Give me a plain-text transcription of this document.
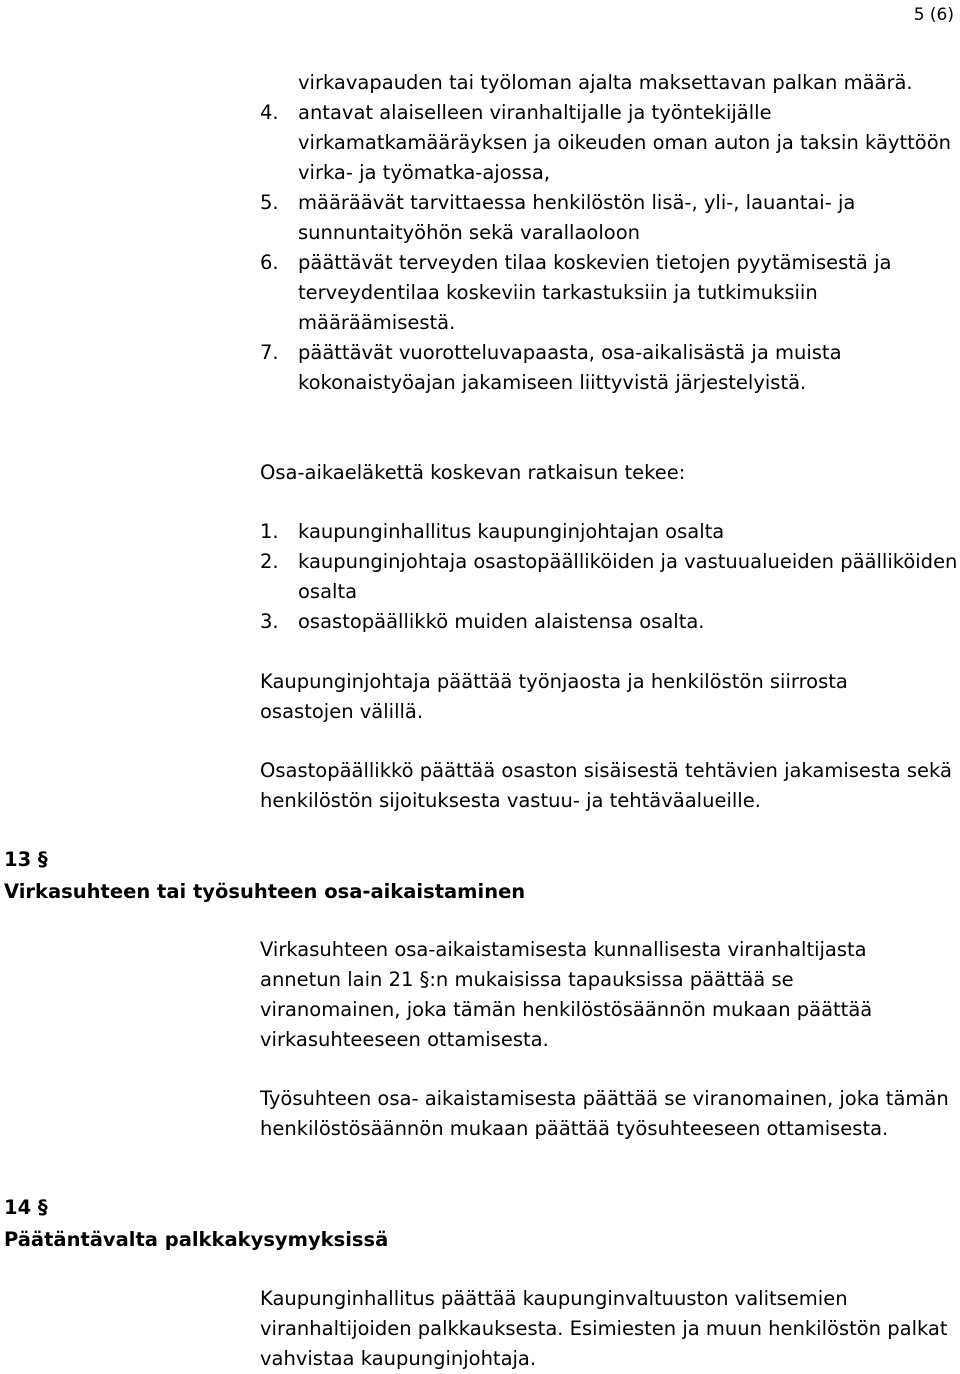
5 (6)
virkavapauden tai työloman ajalta maksettavan palkan määrä.
4. antavat alaiselleen viranhaltijalle ja työntekijälle virkamatkamääräyksen ja oikeuden oman auton ja taksin käyttöön virka- ja työmatka-ajossa,
5. määräävät tarvittaessa henkilöstön lisä-, yli-, lauantai- ja sunnuntaityöhön sekä varallaoloon
6. päättävät terveyden tilaa koskevien tietojen pyytämisestä ja terveydentilaa koskeviin tarkastuksiin ja tutkimuksiin määräämisestä.
7. päättävät vuorotteluvapaasta, osa-aikalisästä ja muista kokonaistyöajan jakamiseen liittyvistä järjestelyistä.
Osa-aikaeläkettä koskevan ratkaisun tekee:
1. kaupunginhallitus kaupunginjohtajan osalta
2. kaupunginjohtaja osastopäälliköiden ja vastuualueiden päälliköiden osalta
3. osastopäällikkö muiden alaistensa osalta.

Kaupunginjohtaja päättää työnjaosta ja henkilöstön siirrosta osastojen välillä.

Osastopäällikkö päättää osaston sisäisestä tehtävien jakamisesta sekä henkilöstön sijoituksesta vastuu- ja tehtäväalueille.

13 §
Virkasuhteen tai työsuhteen osa-aikaistaminen

Virkasuhteen osa-aikaistamisesta kunnallisesta viranhaltijasta annetun lain 21 §:n mukaisissa tapauksissa päättää se viranomainen, joka tämän henkilöstösäännön mukaan päättää virkasuhteeseen ottamisesta.

Työsuhteen osa- aikaistamisesta päättää se viranomainen, joka tämän henkilöstösäännön mukaan päättää työsuhteeseen ottamisesta.

14 §
Päätäntävalta palkkakysymyksissä

Kaupunginhallitus päättää kaupunginvaltuuston valitsemien viranhaltijoiden palkkauksesta. Esimiesten ja muun henkilöstön palkat vahvistaa kaupunginjohtaja.
